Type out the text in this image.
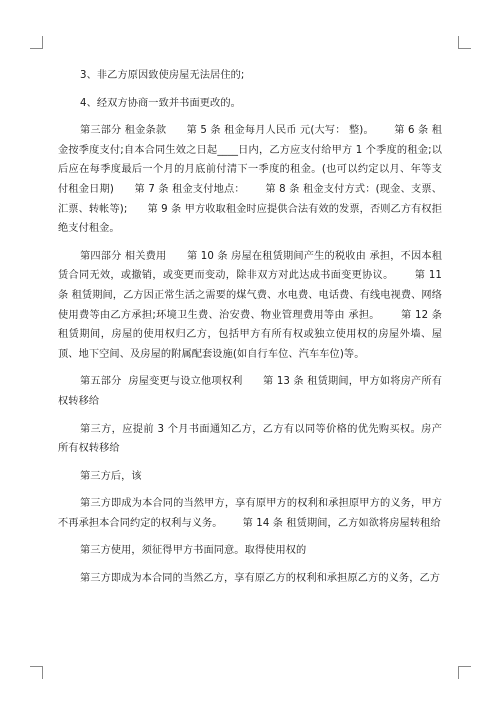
3、非乙方原因致使房屋无法居住的;

4、经双方协商一致并书面更改的。

第三部分 租金条款      第 5 条 租金每月人民币 元(大写： 整)。      第 6 条 租金按季度支付;自本合同生效之日起____日内，乙方应支付给甲方 1 个季度的租金;以后应在每季度最后一个月的月底前付清下一季度的租金。(也可以约定以月、年等支付租金日期)      第 7 条 租金支付地点：      第 8 条 租金支付方式：(现金、支票、汇票、转帐等);      第 9 条 甲方收取租金时应提供合法有效的发票，否则乙方有权拒绝支付租金。

第四部分 相关费用      第 10 条 房屋在租赁期间产生的税收由 承担，不因本租赁合同无效，或撤销，或变更而变动，除非双方对此达成书面变更协议。      第 11 条 租赁期间，乙方因正常生活之需要的煤气费、水电费、电话费、有线电视费、网络使用费等由乙方承担;环境卫生费、治安费、物业管理费用等由 承担。      第 12 条 租赁期间，房屋的使用权归乙方，包括甲方有所有权或独立使用权的房屋外墙、屋顶、地下空间、及房屋的附属配套设施(如自行车位、汽车车位)等。

第五部分  房屋变更与设立他项权利      第 13 条 租赁期间，甲方如将房产所有权转移给

第三方，应提前 3 个月书面通知乙方，乙方有以同等价格的优先购买权。房产所有权转移给

第三方后，该

第三方即成为本合同的当然甲方，享有原甲方的权利和承担原甲方的义务，甲方不再承担本合同约定的权利与义务。      第 14 条 租赁期间，乙方如欲将房屋转租给

第三方使用，须征得甲方书面同意。取得使用权的

第三方即成为本合同的当然乙方，享有原乙方的权利和承担原乙方的义务，乙方
